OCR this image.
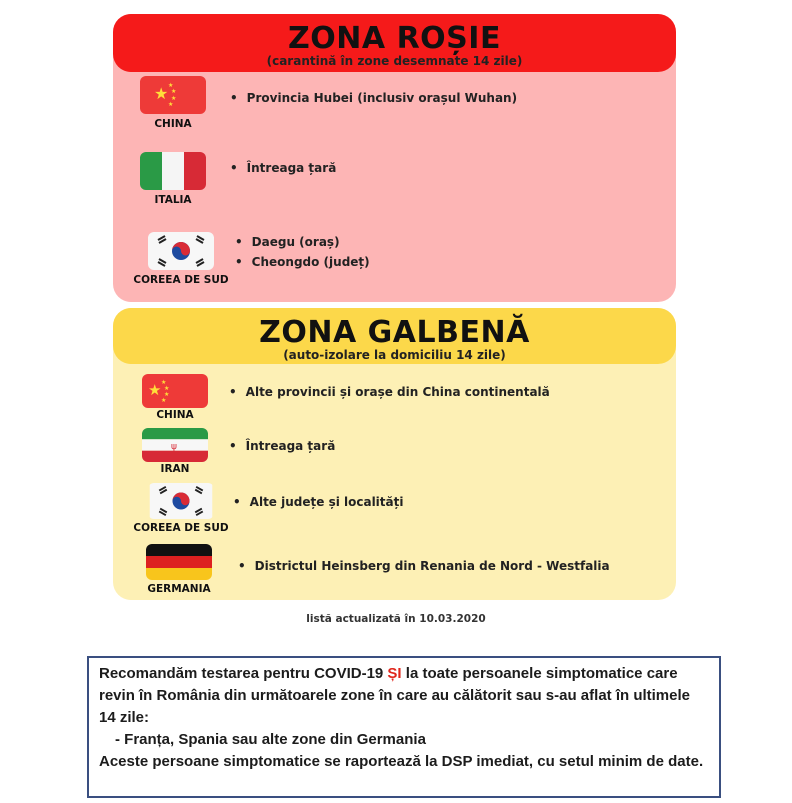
ZONA ROȘIE
(carantină în zone desemnate 14 zile)
★ ★
★
★
★
CHINA
• Provincia Hubei (inclusiv orașul Wuhan)
ITALIA
• Întreaga țară
COREEA DE SUD
• Daegu (oraș)
• Cheongdo (județ)
ZONA GALBENĂ
(auto-izolare la domiciliu 14 zile)
★ ★
★
★
★
CHINA
• Alte provincii și orașe din China continentală
ψ
IRAN
• Întreaga țară
COREEA DE SUD
• Alte județe și localități
GERMANIA
• Districtul Heinsberg din Renania de Nord - Westfalia
listă actualizată în 10.03.2020

Recomandăm testarea pentru COVID-19 ȘI la toate persoanele simptomatice care revin în România din următoarele zone în care au călătorit sau s-au aflat în ultimele 14 zile:

- Franța, Spania sau alte zone din Germania

Aceste persoane simptomatice se raportează la DSP imediat, cu setul minim de date.
